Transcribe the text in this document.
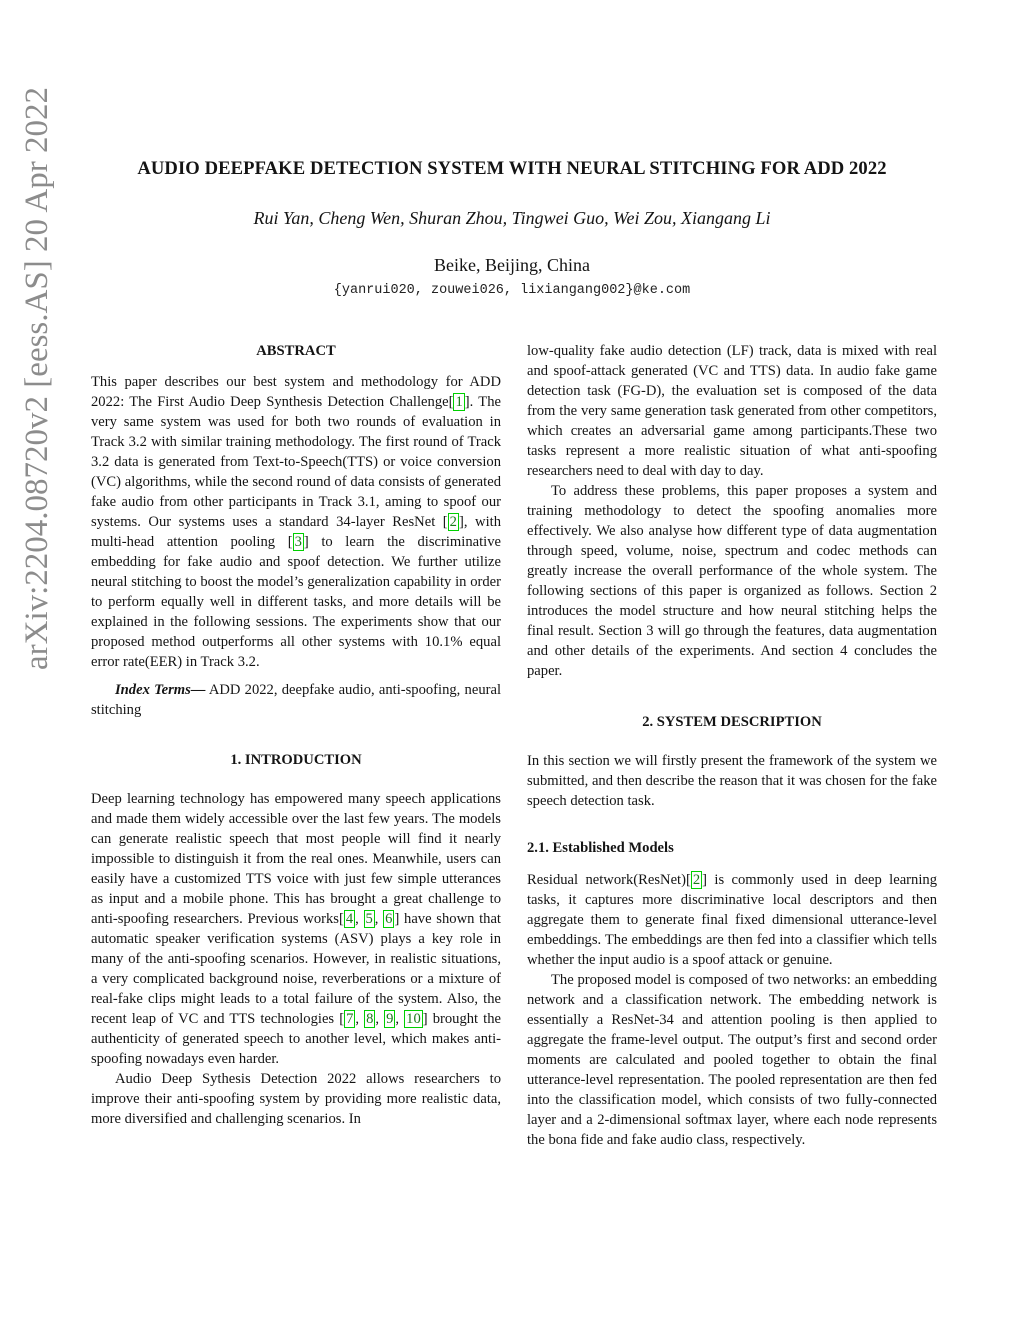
arXiv:2204.08720v2 [eess.AS] 20 Apr 2022	AUDIO DEEPFAKE DETECTION SYSTEM WITH NEURAL STITCHING FOR ADD 2022
Rui Yan, Cheng Wen, Shuran Zhou, Tingwei Guo, Wei Zou, Xiangang Li
Beike, Beijing, China
{yanrui020, zouwei026, lixiangang002}@ke.com

ABSTRACT

This paper describes our best system and methodology for ADD 2022: The First Audio Deep Synthesis Detection Challenge[ 1 ]. The very same system was used for both two rounds of evaluation in Track 3.2 with similar training methodology. The first round of Track 3.2 data is generated from Text-to-Speech(TTS) or voice conversion (VC) algorithms, while the second round of data consists of generated fake audio from other participants in Track 3.1, aming to spoof our systems. Our systems uses a standard 34-layer ResNet [ 2 ], with multi-head attention pooling [ 3 ] to learn the discriminative embedding for fake audio and spoof detection. We further utilize neural stitching to boost the model’s generalization capability in order to perform equally well in different tasks, and more details will be explained in the following sessions. The experiments show that our proposed method outperforms all other systems with 10.1% equal error rate(EER) in Track 3.2.

Index Terms— ADD 2022, deepfake audio, anti-spoofing, neural stitching

1. INTRODUCTION

Deep learning technology has empowered many speech applications and made them widely accessible over the last few years. The models can generate realistic speech that most people will find it nearly impossible to distinguish it from the real ones. Meanwhile, users can easily have a customized TTS voice with just few simple utterances as input and a mobile phone. This has brought a great challenge to anti-spoofing researchers. Previous works[ 4 , 5 , 6 ] have shown that automatic speaker verification systems (ASV) plays a key role in many of the anti-spoofing scenarios. However, in realistic situations, a very complicated background noise, reverberations or a mixture of real-fake clips might leads to a total failure of the system. Also, the recent leap of VC and TTS technologies [ 7 , 8 , 9 , 10 ] brought the authenticity of generated speech to another level, which makes anti-spoofing nowadays even harder.

Audio Deep Sythesis Detection 2022 allows researchers to improve their anti-spoofing system by providing more realistic data, more diversified and challenging scenarios. In

low-quality fake audio detection (LF) track, data is mixed with real and spoof-attack generated (VC and TTS) data. In audio fake game detection task (FG-D), the evaluation set is composed of the data from the very same generation task generated from other competitors, which creates an adversarial game among participants.These two tasks represent a more realistic situation of what anti-spoofing researchers need to deal with day to day.

To address these problems, this paper proposes a system and training methodology to detect the spoofing anomalies more effectively. We also analyse how different type of data augmentation through speed, volume, noise, spectrum and codec methods can greatly increase the overall performance of the whole system. The following sections of this paper is organized as follows. Section 2 introduces the model structure and how neural stitching helps the final result. Section 3 will go through the features, data augmentation and other details of the experiments. And section 4 concludes the paper.

2. SYSTEM DESCRIPTION

In this section we will firstly present the framework of the system we submitted, and then describe the reason that it was chosen for the fake speech detection task.

2.1. Established Models

Residual network(ResNet)[ 2 ] is commonly used in deep learning tasks, it captures more discriminative local descriptors and then aggregate them to generate final fixed dimensional utterance-level embeddings. The embeddings are then fed into a classifier which tells whether the input audio is a spoof attack or genuine.

The proposed model is composed of two networks: an embedding network and a classification network. The embedding network is essentially a ResNet-34 and attention pooling is then applied to aggregate the frame-level output. The output’s first and second order moments are calculated and pooled together to obtain the final utterance-level representation. The pooled representation are then fed into the classification model, which consists of two fully-connected layer and a 2-dimensional softmax layer, where each node represents the bona fide and fake audio class, respectively.
